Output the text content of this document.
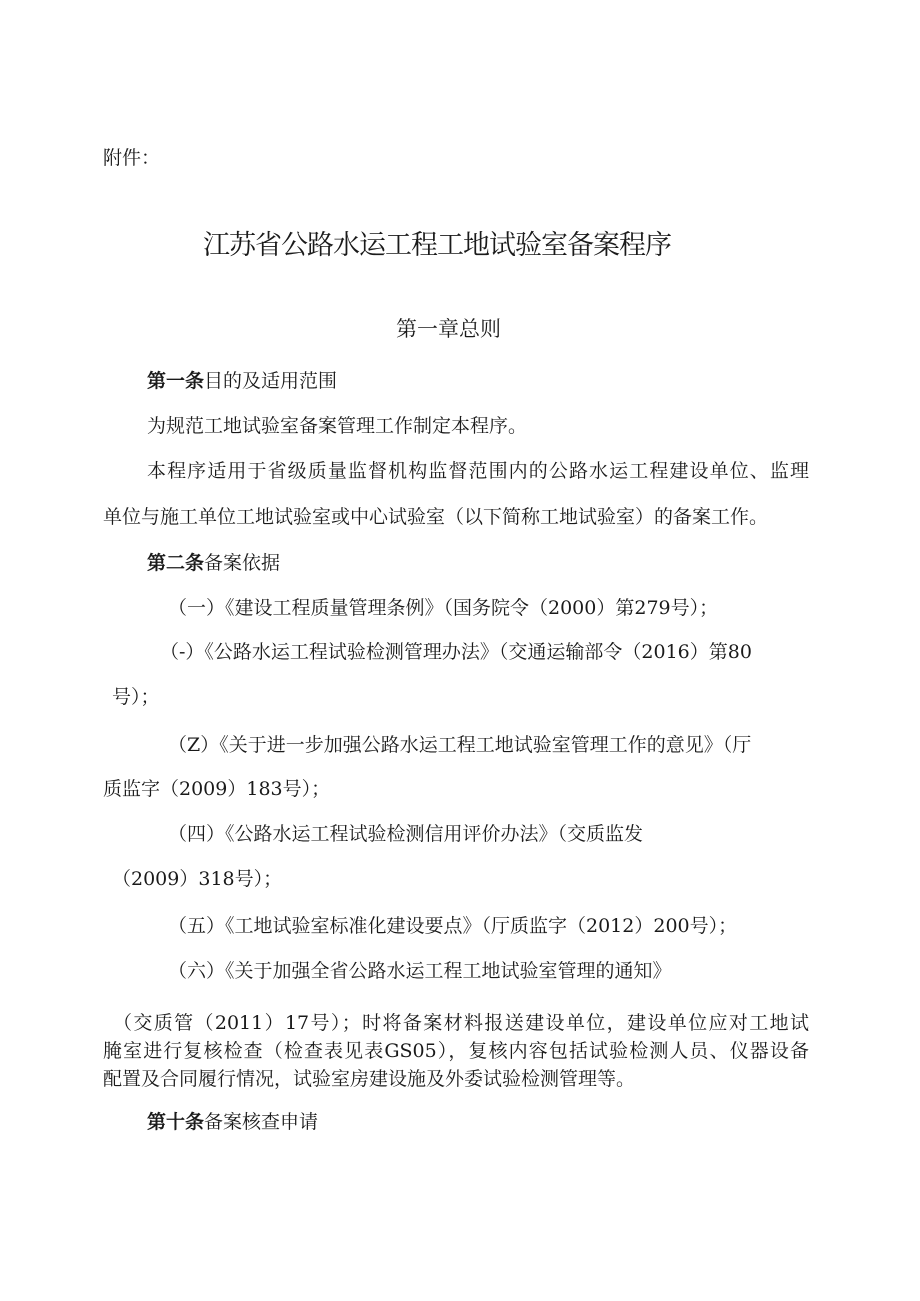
附件：

江苏省公路水运工程工地试验室备案程序
第一章总则

第一条目的及适用范围

为规范工地试验室备案管理工作制定本程序。

本程序适用于省级质量监督机构监督范围内的公路水运工程建设单位、监理

单位与施工单位工地试验室或中心试验室（以下简称工地试验室）的备案工作。

第二条备案依据

（一）《建设工程质量管理条例》（国务院令（2000）第279号）；

（-）《公路水运工程试验检测管理办法》（交通运输部令（2016）第80

号）；

（Z）《关于进一步加强公路水运工程工地试验室管理工作的意见》（厅

质监字（2009）183号）；

（四）《公路水运工程试验检测信用评价办法》（交质监发

（2009）318号）；

（五）《工地试验室标准化建设要点》（厅质监字（2012）200号）；

（六）《关于加强全省公路水运工程工地试验室管理的通知》

（交质管（2011）17号）；时将备案材料报送建设单位，建设单位应对工地试

腌室进行复核检查（检查表见表GS05），复核内容包括试验检测人员、仪器设备

配置及合同履行情况，试验室房建设施及外委试验检测管理等。

第十条备案核查申请
